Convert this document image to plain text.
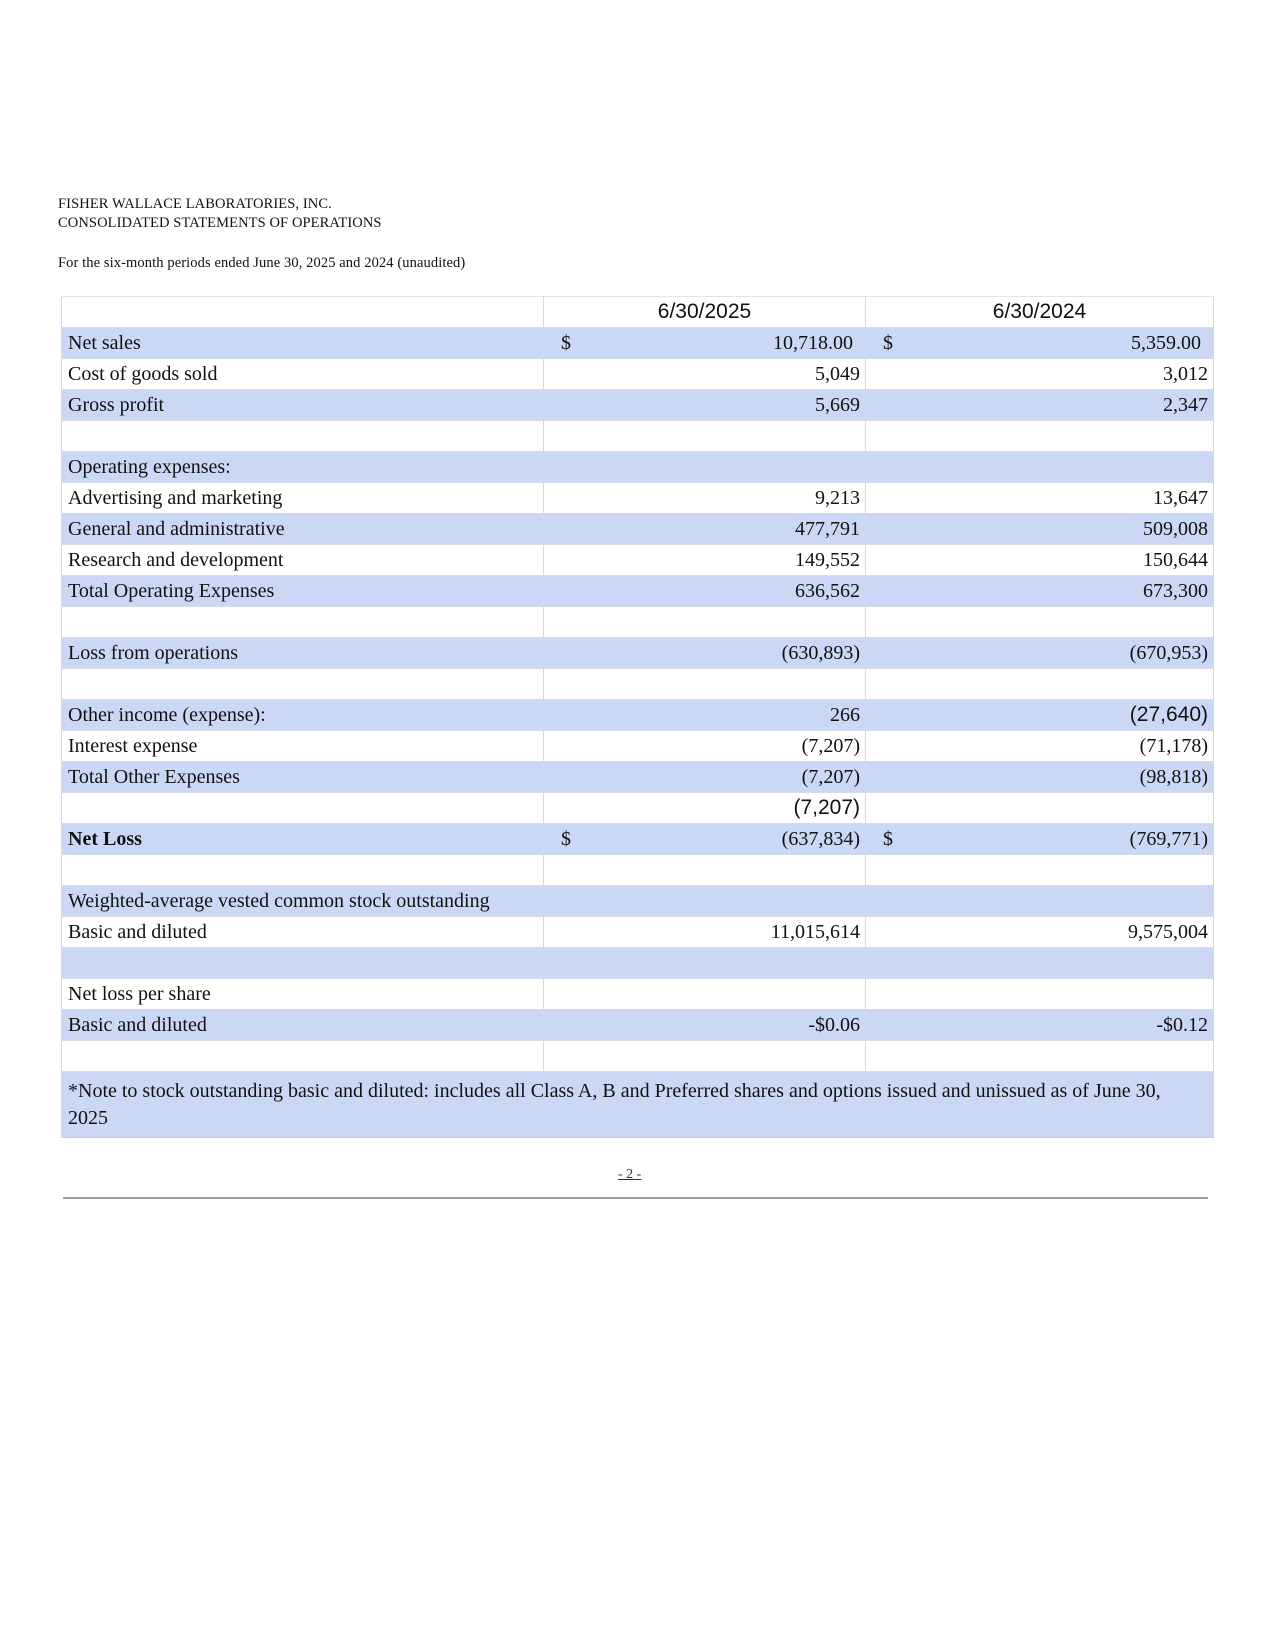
FISHER WALLACE LABORATORIES, INC.
CONSOLIDATED STATEMENTS OF OPERATIONS
For the six-month periods ended June 30, 2025 and 2024 (unaudited)
	6/30/2025	6/30/2024
Net sales	$ 10,718.00	$ 5,359.00

Cost of goods sold	5,049	3,012

Gross profit	5,669	2,347

Operating expenses:	

Advertising and marketing	9,213	13,647

General and administrative	477,791	509,008

Research and development	149,552	150,644

Total Operating Expenses	636,562	673,300

Loss from operations	(630,893)	(670,953)

Other income (expense):	266	(27,640)

Interest expense	(7,207)	(71,178)

Total Other Expenses	(7,207)	(98,818)

	(7,207)	

Net Loss	$ (637,834)	$ (769,771)

Weighted-average vested common stock outstanding	

Basic and diluted	11,015,614	9,575,004

Net loss per share	

Basic and diluted	-$0.06	-$0.12

*Note to stock outstanding basic and diluted: includes all Class A, B and Preferred shares and options issued and unissued as of June 30, 2025		
- 2 -
